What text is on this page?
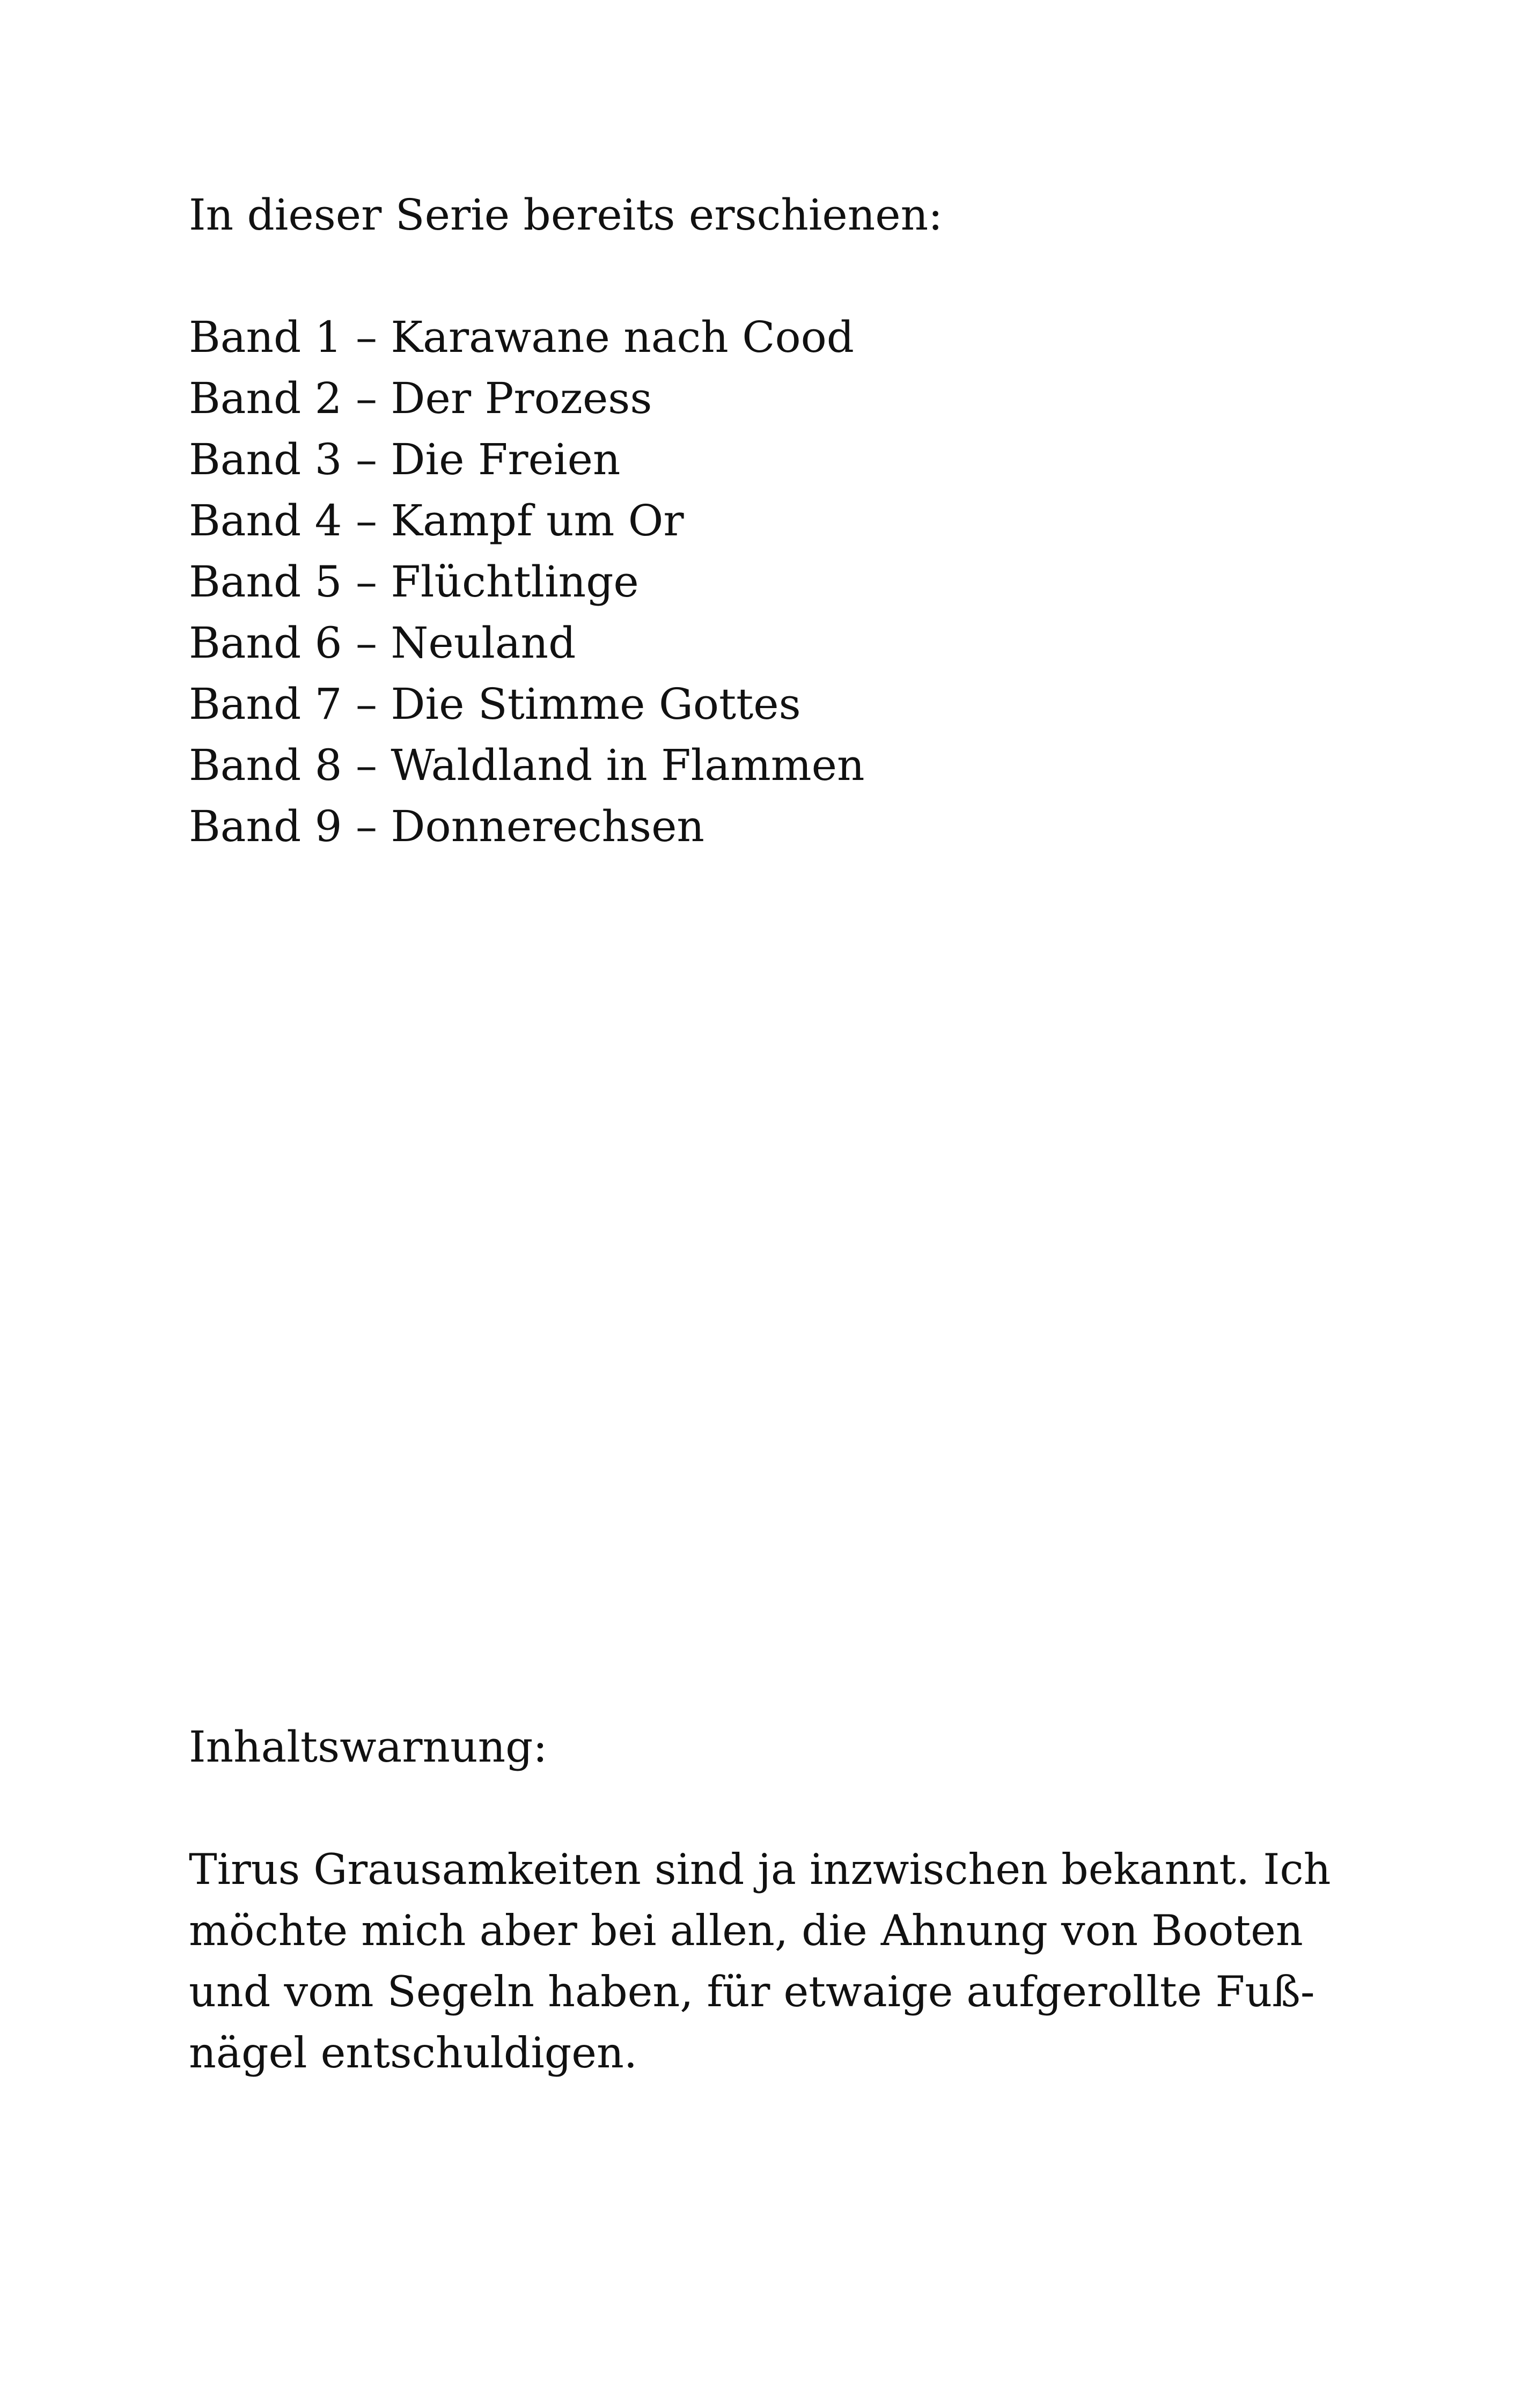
In dieser Serie bereits erschienen:
Band 1 – Karawane nach Cood
Band 2 – Der Prozess
Band 3 – Die Freien
Band 4 – Kampf um Or
Band 5 – Flüchtlinge
Band 6 – Neuland
Band 7 – Die Stimme Gottes
Band 8 – Waldland in Flammen
Band 9 – Donnerechsen
Inhaltswarnung:
Tirus Grausamkeiten sind ja inzwischen bekannt. Ich
möchte mich aber bei allen, die Ahnung von Booten
und vom Segeln haben, für etwaige aufgerollte Fuß-
nägel entschuldigen.
